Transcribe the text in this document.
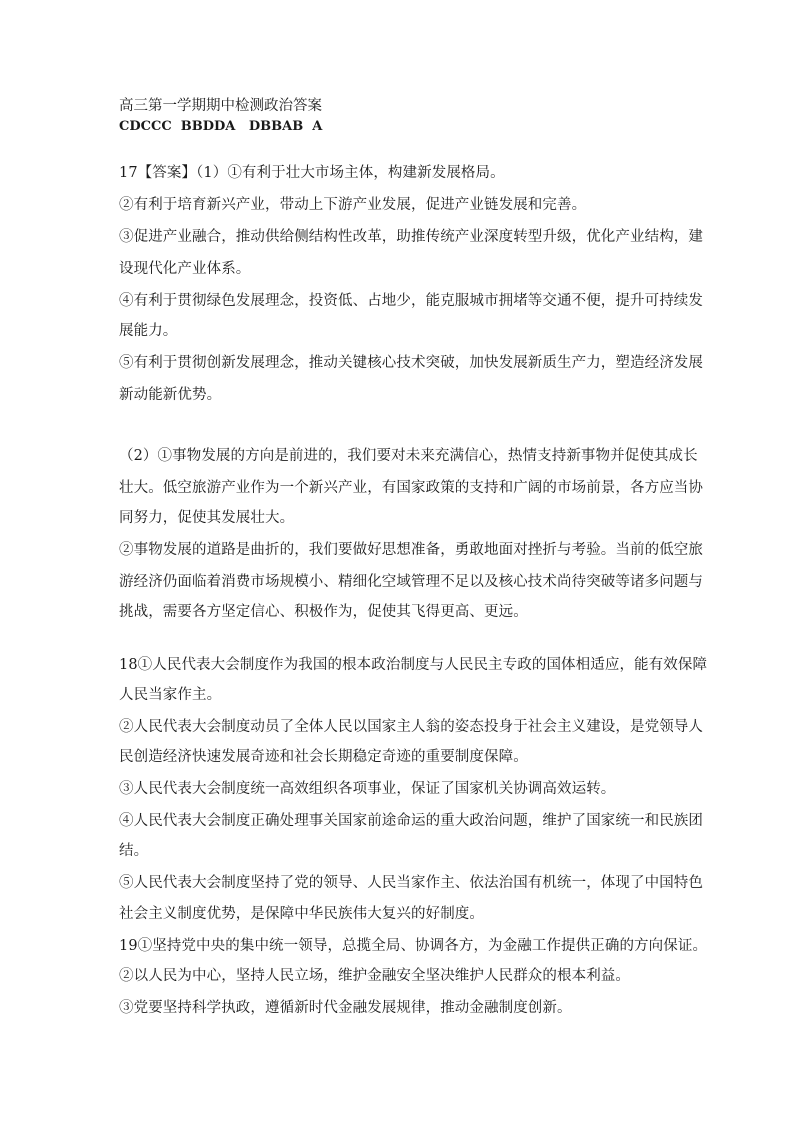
高三第一学期期中检测政治答案
CDCCC  BBDDA   DBBAB  A
17【答案】（1）①有利于壮大市场主体，构建新发展格局。
②有利于培育新兴产业，带动上下游产业发展，促进产业链发展和完善。
③促进产业融合，推动供给侧结构性改革，助推传统产业深度转型升级，优化产业结构，建
设现代化产业体系。
④有利于贯彻绿色发展理念，投资低、占地少，能克服城市拥堵等交通不便，提升可持续发
展能力。
⑤有利于贯彻创新发展理念，推动关键核心技术突破，加快发展新质生产力，塑造经济发展
新动能新优势。
（2）①事物发展的方向是前进的，我们要对未来充满信心，热情支持新事物并促使其成长
壮大。低空旅游产业作为一个新兴产业，有国家政策的支持和广阔的市场前景，各方应当协
同努力，促使其发展壮大。
②事物发展的道路是曲折的，我们要做好思想准备，勇敢地面对挫折与考验。当前的低空旅
游经济仍面临着消费市场规模小、精细化空域管理不足以及核心技术尚待突破等诸多问题与
挑战，需要各方坚定信心、积极作为，促使其飞得更高、更远。
18①人民代表大会制度作为我国的根本政治制度与人民民主专政的国体相适应，能有效保障
人民当家作主。
②人民代表大会制度动员了全体人民以国家主人翁的姿态投身于社会主义建设，是党领导人
民创造经济快速发展奇迹和社会长期稳定奇迹的重要制度保障。
③人民代表大会制度统一高效组织各项事业，保证了国家机关协调高效运转。
④人民代表大会制度正确处理事关国家前途命运的重大政治问题，维护了国家统一和民族团
结。
⑤人民代表大会制度坚持了党的领导、人民当家作主、依法治国有机统一，体现了中国特色
社会主义制度优势，是保障中华民族伟大复兴的好制度。
19①坚持党中央的集中统一领导，总揽全局、协调各方，为金融工作提供正确的方向保证。
②以人民为中心，坚持人民立场，维护金融安全坚决维护人民群众的根本利益。
③党要坚持科学执政，遵循新时代金融发展规律，推动金融制度创新。
